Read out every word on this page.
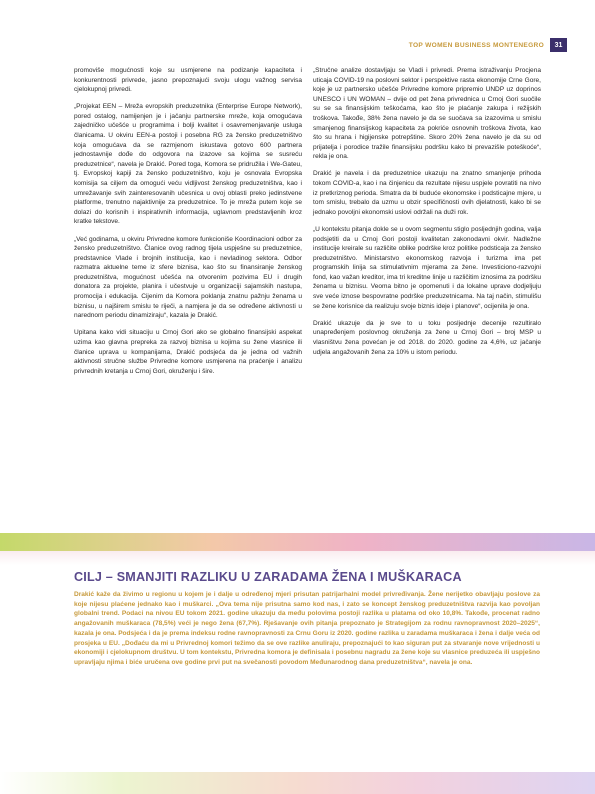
TOP WOMEN BUSINESS MONTENEGRO	31

promoviše mogućnosti koje su usmjerene na podizanje kapaciteta i konkurentnosti privrede, jasno prepoznajući svoju ulogu važnog servisa cjelokupnoj privredi.

„Projekat EEN – Mreža evropskih preduzetnika (Enterprise Europe Network), pored ostalog, namijenjen je i jačanju partnerske mreže, koja omogućava zajedničko učešće u programima i bolji kvalitet i osavremenjavanje usluga članicama. U okviru EEN-a postoji i posebna RG za žensko preduzetništvo koja omogućava da se razmjenom iskustava gotovo 600 partnera jednostavnije dođe do odgovora na izazove sa kojima se susreću preduzetnice“, navela je Drakić. Pored toga, Komora se pridružila i We-Gateu, tj. Evropskoj kapiji za žensko poduzetništvo, koju je osnovala Evropska komisija sa ciljem da omogući veću vidljivost ženskog preduzetništva, kao i umrežavanje svih zainteresovanih učesnica u ovoj oblasti preko jedinstvene platforme, trenutno najaktivnije za preduzetnice. To je mreža putem koje se dolazi do korisnih i inspirativnih informacija, uglavnom predstavljenih kroz kratke tekstove.

„Već godinama, u okviru Privredne komore funkcioniše Koordinacioni odbor za žensko preduzetništvo. Članice ovog radnog tijela uspješne su preduzetnice, predstavnice Vlade i brojnih institucija, kao i nevladinog sektora. Odbor razmatra aktuelne teme iz sfere biznisa, kao što su finansiranje ženskog preduzetništva, mogućnost učešća na otvorenim pozivima EU i drugih donatora za projekte, planira i učestvuje u organizaciji sajamskih nastupa, promocija i edukacija. Cijenim da Komora poklanja znatnu pažnju ženama u biznisu, u najširem smislu te riječi, a namjera je da se određene aktivnosti u narednom periodu dinamiziraju“, kazala je Drakić.

Upitana kako vidi situaciju u Crnoj Gori ako se globalno finansijski aspekat uzima kao glavna prepreka za razvoj biznisa u kojima su žene vlasnice ili članice uprava u kompanijama, Drakić podsjeća da je jedna od važnih aktivnosti stručne službe Privredne komore usmjerena na praćenje i analizu privrednih kretanja u Crnoj Gori, okruženju i šire.

„Stručne analize dostavljaju se Vladi i privredi. Prema istraživanju Procjena uticaja COVID-19 na poslovni sektor i perspektive rasta ekonomije Crne Gore, koje je uz partnersko učešće Privredne komore pripremio UNDP uz doprinos UNESCO i UN WOMAN – dvije od pet žena privrednica u Crnoj Gori suočile su se sa finansijskim teškoćama, kao što je plaćanje zakupa i režijskih troškova. Takođe, 38% žena navelo je da se suočava sa izazovima u smislu smanjenog finansijskog kapaciteta za pokriće osnovnih troškova života, kao što su hrana i higijenske potrepštine. Skoro 20% žena navelo je da su od prijatelja i porodice tražile finansijsku podršku kako bi prevazišle poteškoće“, rekla je ona.

Drakić je navela i da preduzetnice ukazuju na znatno smanjenje prihoda tokom COVID-a, kao i na činjenicu da rezultate nijesu uspjele povratiti na nivo iz pretkriznog perioda. Smatra da bi buduće ekonomske i podsticajne mjere, u tom smislu, trebalo da uzmu u obzir specifičnosti ovih djelatnosti, kako bi se jednako povoljni ekonomski uslovi održali na duži rok.

„U kontekstu pitanja dokle se u ovom segmentu stiglo posljednjih godina, valja podsjetiti da u Crnoj Gori postoji kvalitetan zakonodavni okvir. Nadležne institucije kreirale su različite oblike podrške kroz politike podsticaja za žensko preduzetništvo. Ministarstvo ekonomskog razvoja i turizma ima pet programskih linija sa stimulativnim mjerama za žene. Investiciono-razvojni fond, kao važan kreditor, ima tri kreditne linije u različitim iznosima za podršku ženama u biznisu. Veoma bitno je opomenuti i da lokalne uprave dodjeljuju sve veće iznose bespovratne podrške preduzetnicama. Na taj način, stimulišu se žene korisnice da realizuju svoje biznis ideje i planove“, ocijenila je ona.

Drakić ukazuje da je sve to u toku posljednje decenije rezultiralo unapređenjem poslovnog okruženja za žene u Crnoj Gori – broj MSP u vlasništvu žena povećan je od 2018. do 2020. godine za 4,6%, uz jačanje udjela angažovanih žena za 10% u istom periodu.

CILJ – SMANJITI RAZLIKU U ZARADAMA ŽENA I MUŠKARACA
Drakić kaže da živimo u regionu u kojem je i dalje u određenoj mjeri prisutan patrijarhalni model privređivanja. Žene nerijetko obavljaju poslove za koje nijesu plaćene jednako kao i muškarci. „Ova tema nije prisutna samo kod nas, i zato se koncept ženskog preduzetništva razvija kao povoljan globalni trend. Podaci na nivou EU tokom 2021. godine ukazuju da među polovima postoji razlika u platama od oko 10,8%. Takođe, procenat radno angažovanih muškaraca (78,5%) veći je nego žena (67,7%). Rješavanje ovih pitanja prepoznato je Strategijom za rodnu ravnopravnost 2020–2025“, kazala je ona. Podsjeća i da je prema indeksu rodne ravnopravnosti za Crnu Goru iz 2020. godine razlika u zaradama muškaraca i žena i dalje veća od prosjeka u EU. „Dođaću da mi u Privrednoj komori težimo da se ove razlike anuliraju, prepoznajući to kao siguran put za stvaranje nove vrijednosti u ekonomiji i cjelokupnom društvu. U tom kontekstu, Privredna komora je definisala i posebnu nagradu za žene koje su vlasnice preduzeća ili uspješno upravljaju njima i biće uručena ove godine prvi put na svečanosti povodom Međunarodnog dana preduzetništva“, navela je ona.
